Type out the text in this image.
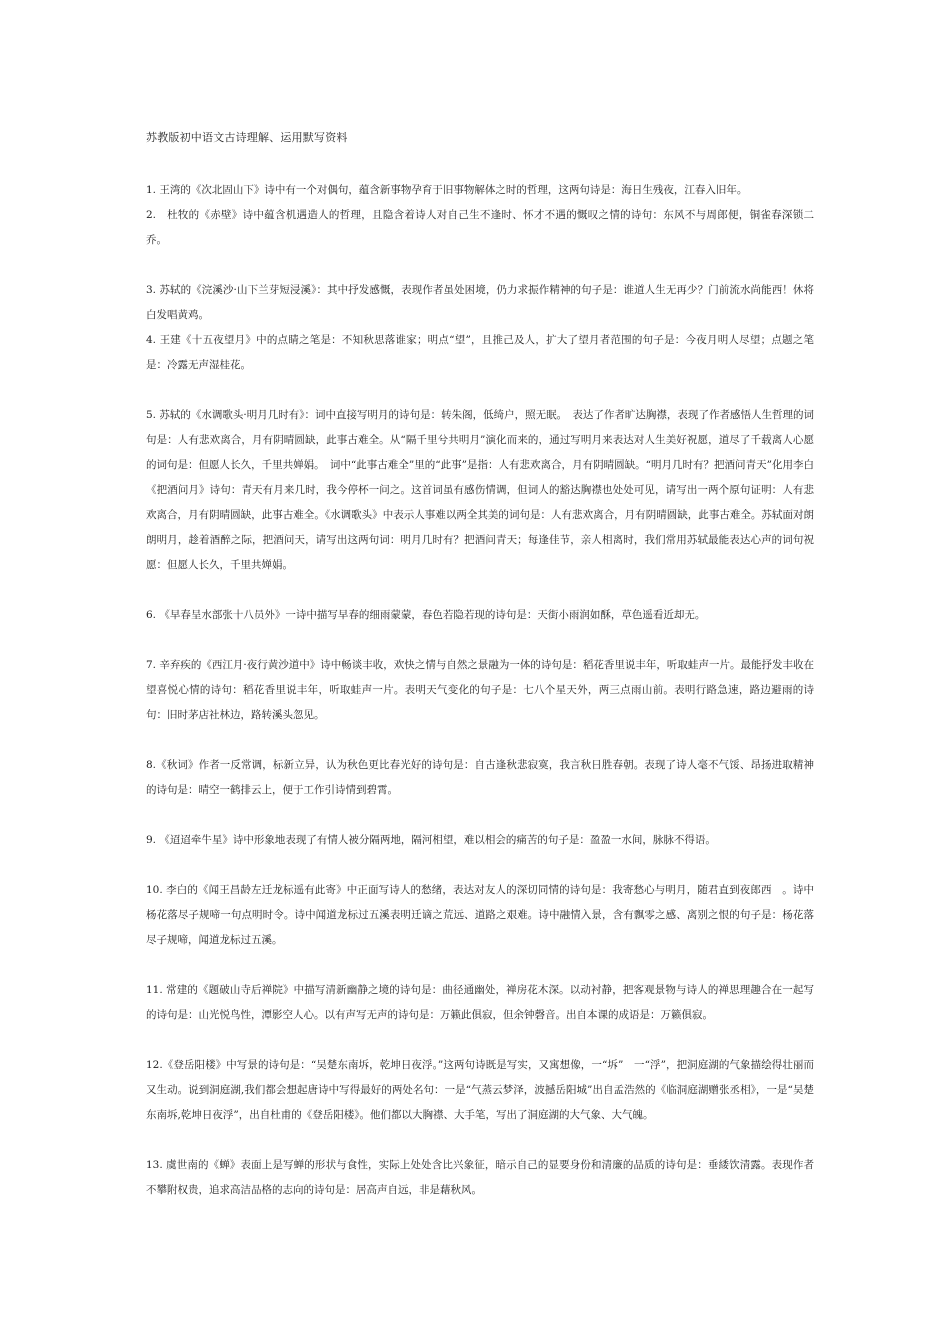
苏教版初中语文古诗理解、运用默写资料

1. 王湾的《次北固山下》诗中有一个对偶句，蕴含新事物孕育于旧事物解体之时的哲理，这两句诗是：海日生残夜，江春入旧年。

2.　杜牧的《赤壁》诗中蕴含机遇造人的哲理，且隐含着诗人对自己生不逢时、怀才不遇的慨叹之情的诗句：东风不与周郎便，铜雀春深锁二乔。

3. 苏轼的《浣溪沙·山下兰芽短浸溪》：其中抒发感慨，表现作者虽处困境，仍力求振作精神的句子是：谁道人生无再少？门前流水尚能西！休将白发唱黄鸡。

4. 王建《十五夜望月》中的点睛之笔是：不知秋思落谁家；明点“望”，且推己及人，扩大了望月者范围的句子是：今夜月明人尽望；点题之笔是：冷露无声湿桂花。

5. 苏轼的《水调歌头·明月几时有》：词中直接写明月的诗句是：转朱阁，低绮户，照无眠。　表达了作者旷达胸襟，表现了作者感悟人生哲理的词句是：人有悲欢离合，月有阴晴圆缺，此事古难全。从“隔千里兮共明月”演化而来的，通过写明月来表达对人生美好祝愿，道尽了千载离人心愿的词句是：但愿人长久，千里共婵娟。　词中“此事古难全”里的“此事”是指：人有悲欢离合，月有阴晴圆缺。“明月几时有？把酒问青天”化用李白《把酒问月》诗句：青天有月来几时，我今停杯一问之。这首词虽有感伤情调，但词人的豁达胸襟也处处可见，请写出一两个原句证明：人有悲欢离合，月有阴晴圆缺，此事古难全。《水调歌头》中表示人事难以两全其美的词句是：人有悲欢离合，月有阴晴圆缺，此事古难全。苏轼面对朗朗明月，趁着酒醉之际，把酒问天，请写出这两句词：明月几时有？把酒问青天；每逢佳节，亲人相离时，我们常用苏轼最能表达心声的词句祝愿：但愿人长久，千里共婵娟。

6. 《早春呈水部张十八员外》一诗中描写早春的细雨蒙蒙，春色若隐若现的诗句是：天街小雨润如酥，草色遥看近却无。

7. 辛弃疾的《西江月·夜行黄沙道中》诗中畅谈丰收，欢快之情与自然之景融为一体的诗句是：稻花香里说丰年，听取蛙声一片。最能抒发丰收在望喜悦心情的诗句：稻花香里说丰年，听取蛙声一片。表明天气变化的句子是：七八个星天外，两三点雨山前。表明行路急速，路边避雨的诗句：旧时茅店社林边，路转溪头忽见。

8.《秋词》作者一反常调，标新立异，认为秋色更比春光好的诗句是：自古逢秋悲寂寞，我言秋日胜春朝。表现了诗人毫不气馁、昂扬进取精神的诗句是：晴空一鹤排云上，便于工作引诗情到碧霄。

9. 《迢迢牵牛星》诗中形象地表现了有情人被分隔两地，隔河相望，难以相会的痛苦的句子是：盈盈一水间，脉脉不得语。

10. 李白的《闻王昌龄左迁龙标遥有此寄》中正面写诗人的愁绪，表达对友人的深切同情的诗句是：我寄愁心与明月，随君直到夜郎西　。诗中杨花落尽子规啼一句点明时令。诗中闻道龙标过五溪表明迁谪之荒远、道路之艰难。诗中融情入景，含有飘零之感、离别之恨的句子是：杨花落尽子规啼，闻道龙标过五溪。

11. 常建的《题破山寺后禅院》中描写清新幽静之境的诗句是：曲径通幽处，禅房花木深。以动衬静，把客观景物与诗人的禅思理趣合在一起写的诗句是：山光悦鸟性，潭影空人心。以有声写无声的诗句是：万籁此俱寂，但余钟磬音。出自本课的成语是：万籁俱寂。

12.《登岳阳楼》中写景的诗句是：“吴楚东南坼，乾坤日夜浮。”这两句诗既是写实，又寓想像，一“坼”　一“浮”，把洞庭湖的气象描绘得壮丽而又生动。说到洞庭湖,我们都会想起唐诗中写得最好的两处名句：一是“气蒸云梦泽，波撼岳阳城”出自孟浩然的《临洞庭湖赠张丞相》，一是“吴楚东南坼,乾坤日夜浮”，出自杜甫的《登岳阳楼》。他们都以大胸襟、大手笔，写出了洞庭湖的大气象、大气魄。

13. 虞世南的《蝉》表面上是写蝉的形状与食性，实际上处处含比兴象征，暗示自己的显要身份和清廉的品质的诗句是：垂緌饮清露。表现作者不攀附权贵，追求高洁品格的志向的诗句是：居高声自远，非是藉秋风。
